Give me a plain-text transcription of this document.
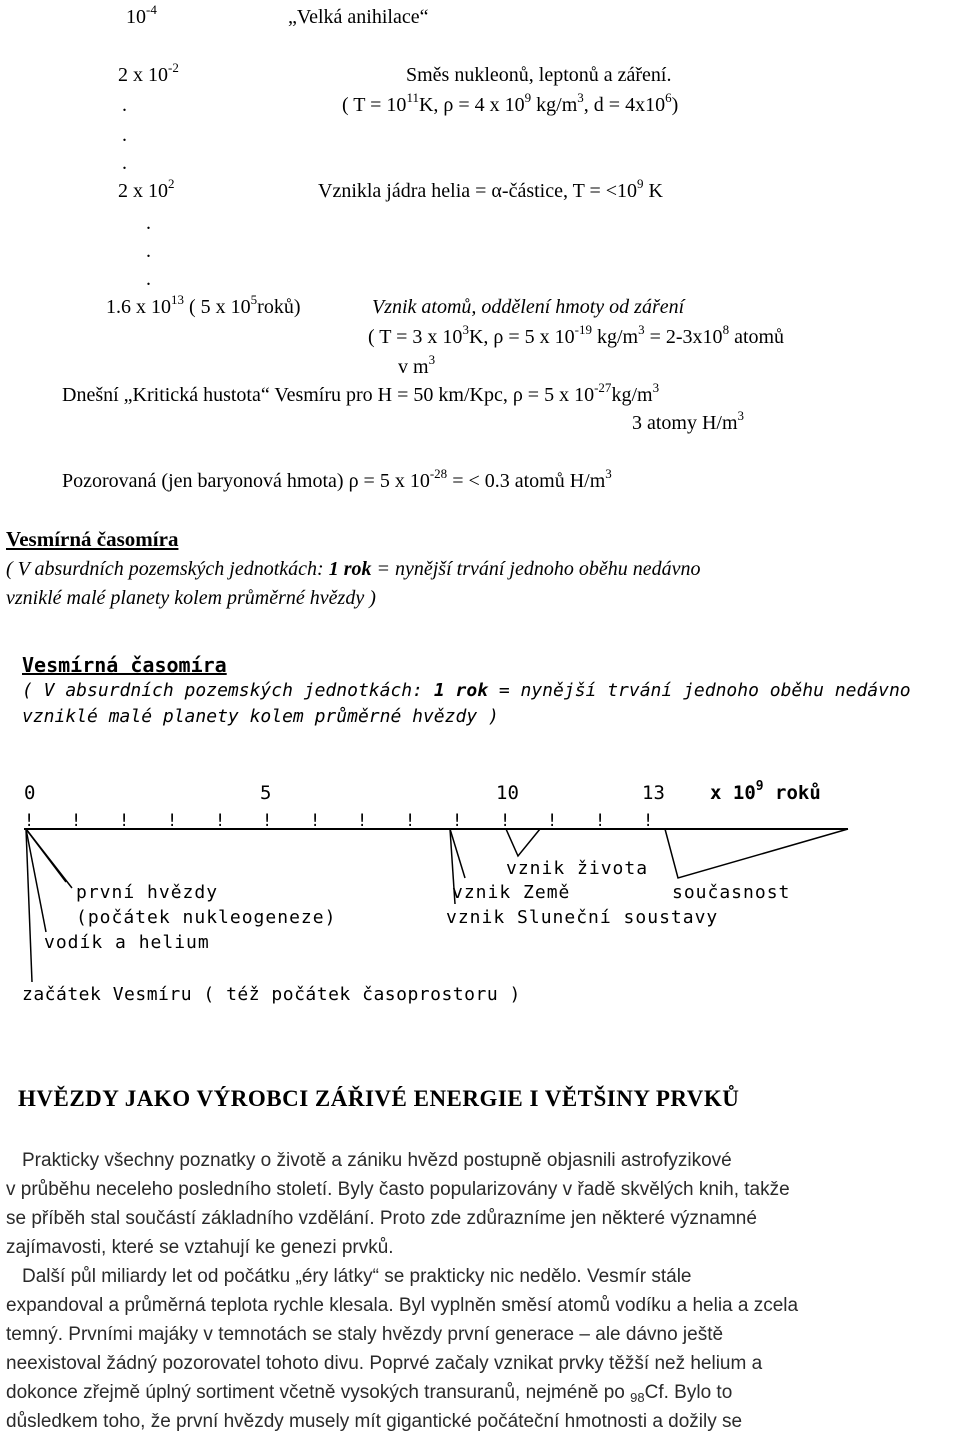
$10^{-4}$	„Velká anihilace“
2 x $10^{-2}$	Směs nukleonů, leptonů a záření.
.	( $T = 10^{11}K$, ρ = 4 x $10^9$ $kg/m^3$, $d = 4x10^6$)
.
.
2 x $10^2$	Vznikla jádra helia = α-částice, $T = <10^9$ K
.
.
.
1.6 x $10^{13}$ ( 5 x $10^5roků$)	Vznik atomů, oddělení hmoty od záření
( T = 3 x $10^3K$, ρ = 5 x $10^{-19}$ $kg/m^3 = 2-3x10^8$ atomů
v $m^3$
Dnešní „Kritická hustota“ Vesmíru pro H = 50 km/Kpc, ρ = 5 x $10^{-27}kg/m^3$
3 atomy $H/m^3$
Pozorovaná (jen baryonová hmota) ρ = 5 x $10^{-28}$ = < 0.3 atomů $H/m^3$
Vesmírná časomíra
( V absurdních pozemských jednotkách: 1 rok = nynější trvání jednoho oběhu nedávno
vzniklé malé planety kolem průměrné hvězdy )
Vesmírná časomíra
( V absurdních pozemských jednotkách: 1 rok = nynější trvání jednoho oběhu nedávno
vzniklé malé planety kolem průměrné hvězdy )
0	5	10	13 x $10^9$ roků
! ! ! ! ! ! ! ! ! ! ! ! ! !
vznik života
první hvězdy	vznik Země	současnost
(počátek nukleogeneze)	vznik Sluneční soustavy
vodík a helium
začátek Vesmíru ( též počátek časoprostoru )
HVĚZDY JAKO VÝROBCI ZÁŘIVÉ ENERGIE I VĚTŠINY PRVKŮ
Prakticky všechny poznatky o životě a zániku hvězd postupně objasnili astrofyzikové
v průběhu neceleho posledního století. Byly často popularizovány v řadě skvělých knih, takže
se příběh stal součástí základního vzdělání. Proto zde zdůrazníme jen některé významné
zajímavosti, které se vztahují ke genezi prvků.
Další půl miliardy let od počátku „éry látky“ se prakticky nic nedělo. Vesmír stále
expandoval a průměrná teplota rychle klesala. Byl vyplněn směsí atomů vodíku a helia a zcela
temný. Prvními majáky v temnotách se staly hvězdy první generace – ale dávno ještě
neexistoval žádný pozorovatel tohoto divu. Poprvé začaly vznikat prvky těžší než helium a
dokonce zřejmě úplný sortiment včetně vysokých transuranů, nejméně po $_{98}$Cf. Bylo to
důsledkem toho, že první hvězdy musely mít gigantické počáteční hmotnosti a dožily se
